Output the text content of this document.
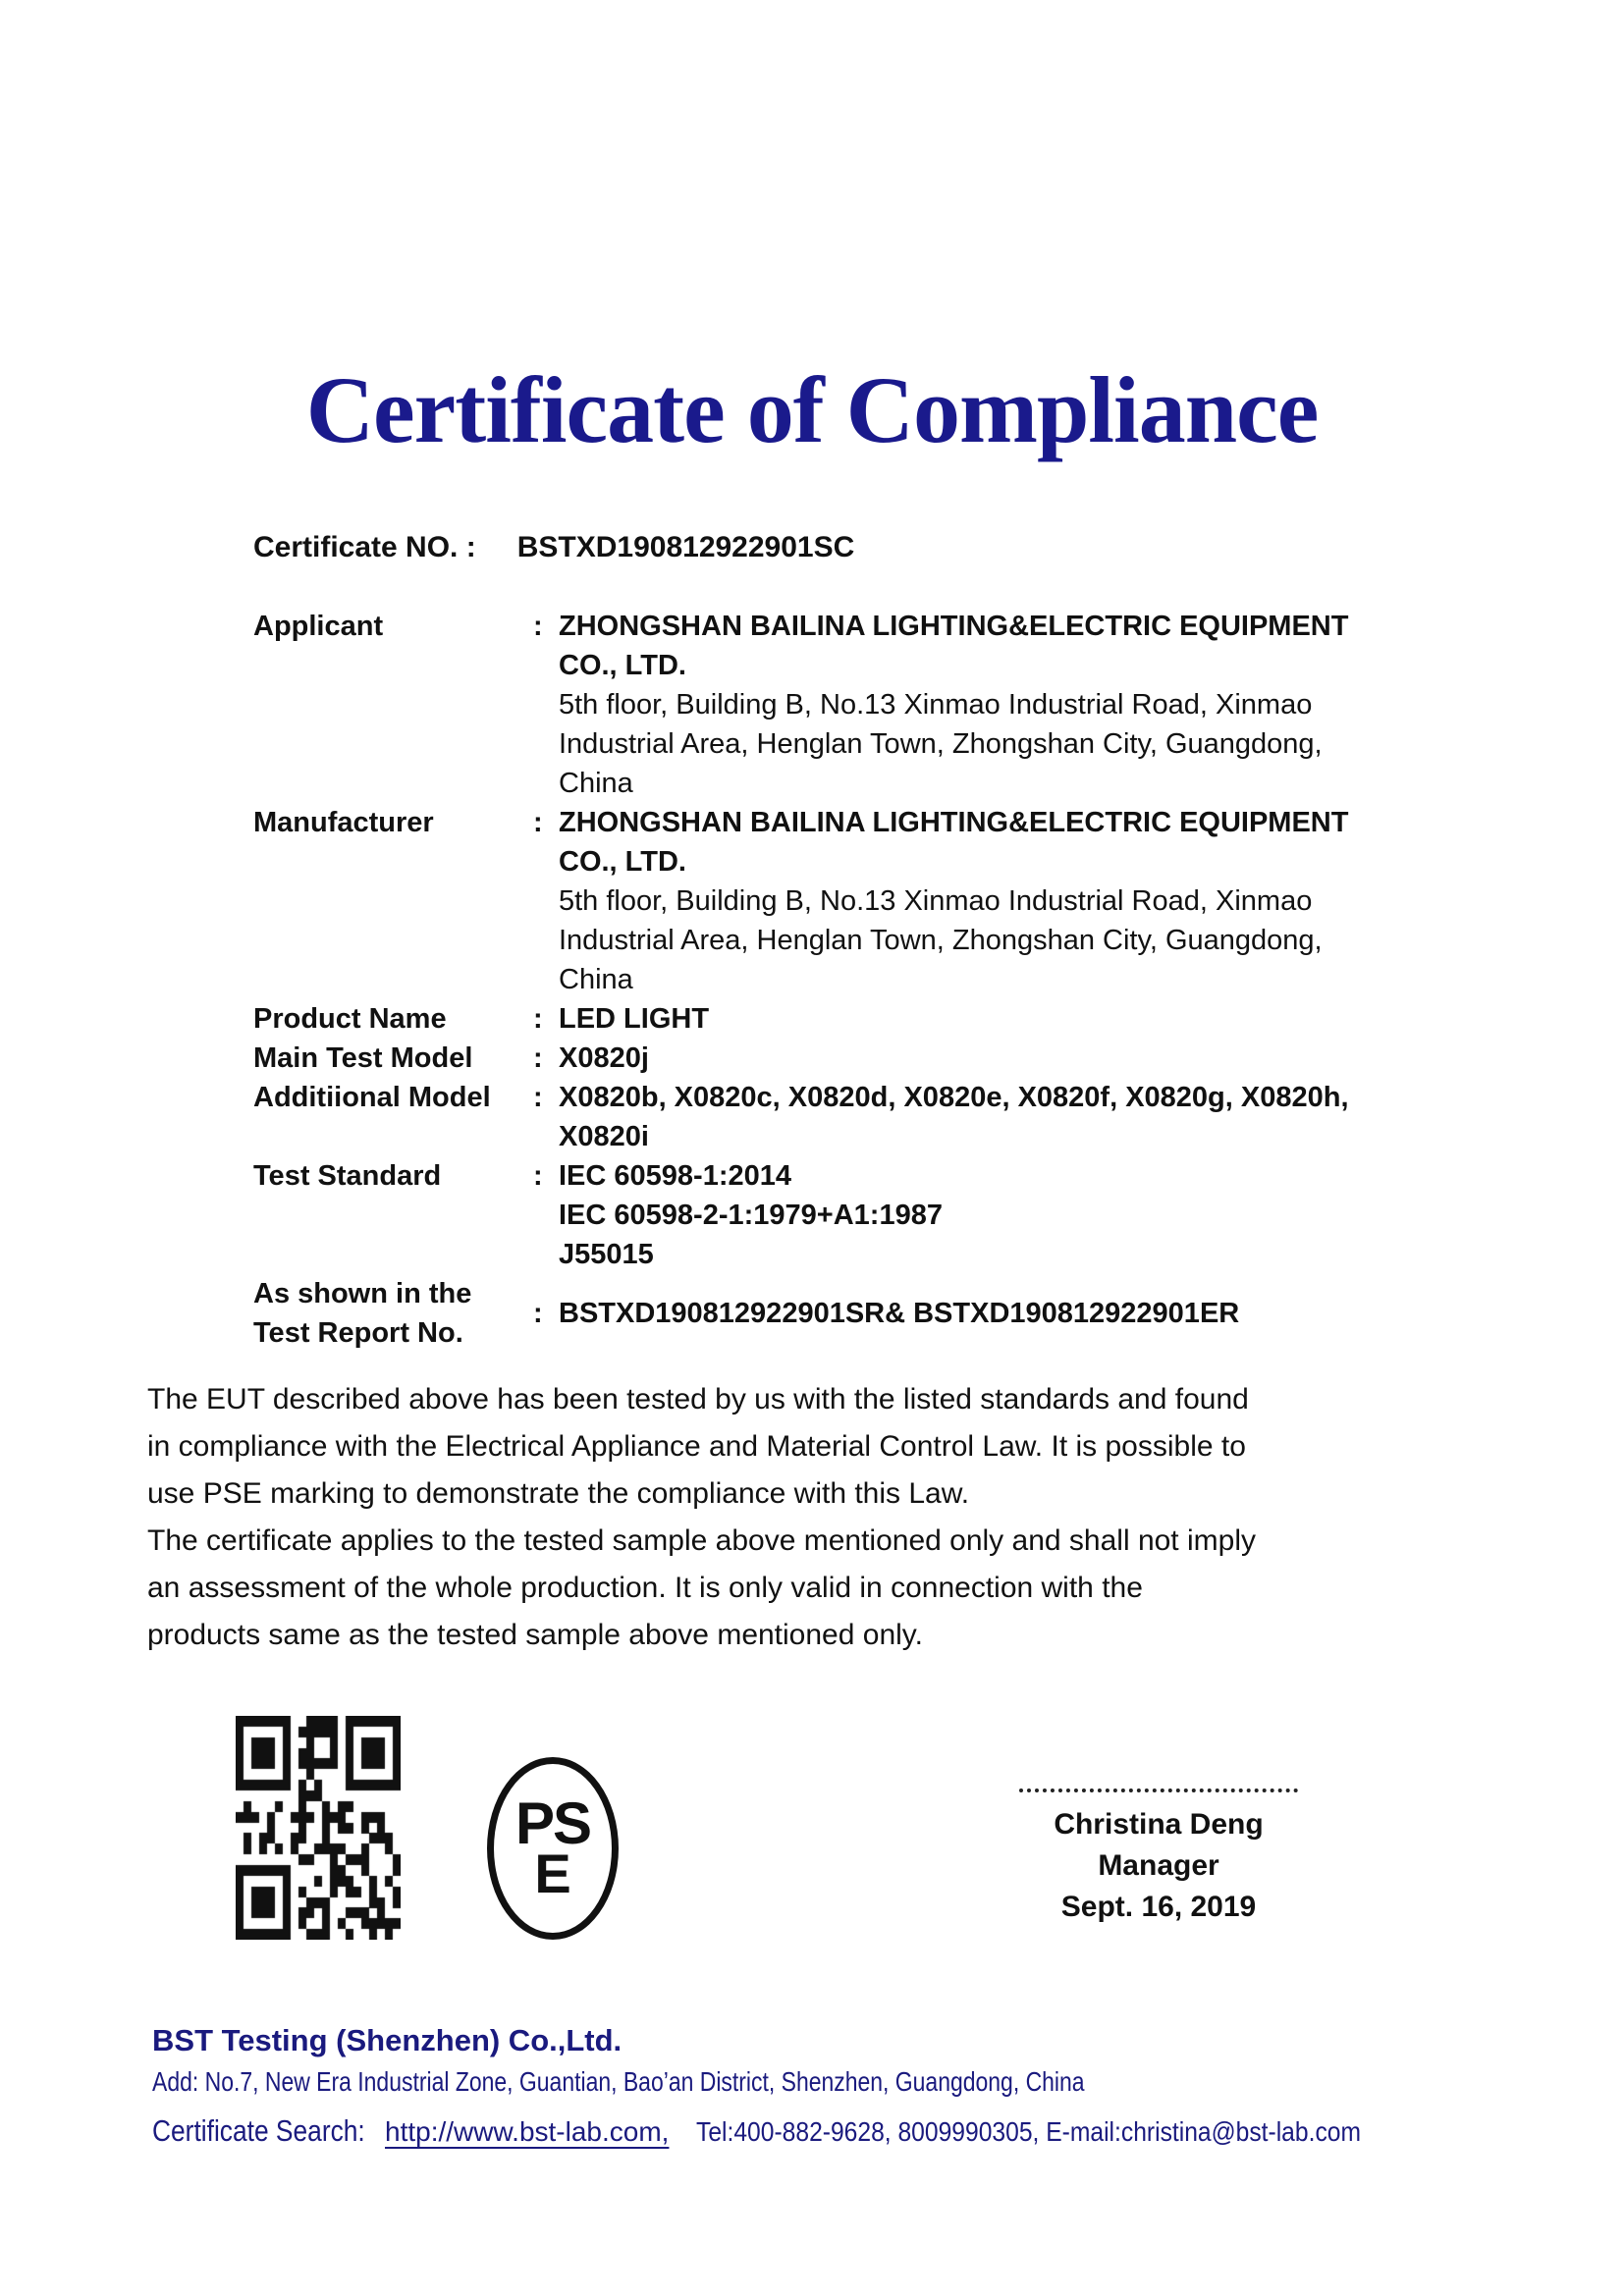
Certificate of Compliance
Certificate NO. : BSTXD190812922901SC
Applicant	: ZHONGSHAN BAILINA LIGHTING&ELECTRIC EQUIPMENT
CO., LTD.
5th floor, Building B, No.13 Xinmao Industrial Road, Xinmao
Industrial Area, Henglan Town, Zhongshan City, Guangdong,
China
Manufacturer	: ZHONGSHAN BAILINA LIGHTING&ELECTRIC EQUIPMENT
CO., LTD.
5th floor, Building B, No.13 Xinmao Industrial Road, Xinmao
Industrial Area, Henglan Town, Zhongshan City, Guangdong,
China
Product Name	: LED LIGHT
Main Test Model	: X0820j
Additiional Model	: X0820b, X0820c, X0820d, X0820e, X0820f, X0820g, X0820h,
X0820i
Test Standard	: IEC 60598-1:2014
IEC 60598-2-1:1979+A1:1987
J55015
As shown in the
Test Report No.
: BSTXD190812922901SR& BSTXD190812922901ER
The EUT described above has been tested by us with the listed standards and found
in compliance with the Electrical Appliance and Material Control Law. It is possible to
use PSE marking to demonstrate the compliance with this Law.
The certificate applies to the tested sample above mentioned only and shall not imply
an assessment of the whole production. It is only valid in connection with the
products same as the tested sample above mentioned only.
PS
E
Christina Deng
Manager
Sept. 16, 2019
BST Testing (Shenzhen) Co.,Ltd.
Add: No.7, New Era Industrial Zone, Guantian, Bao’an District, Shenzhen, Guangdong, China
Certificate Search: http://www.bst-lab.com, Tel:400-882-9628, 8009990305, E-mail:christina@bst-lab.com
